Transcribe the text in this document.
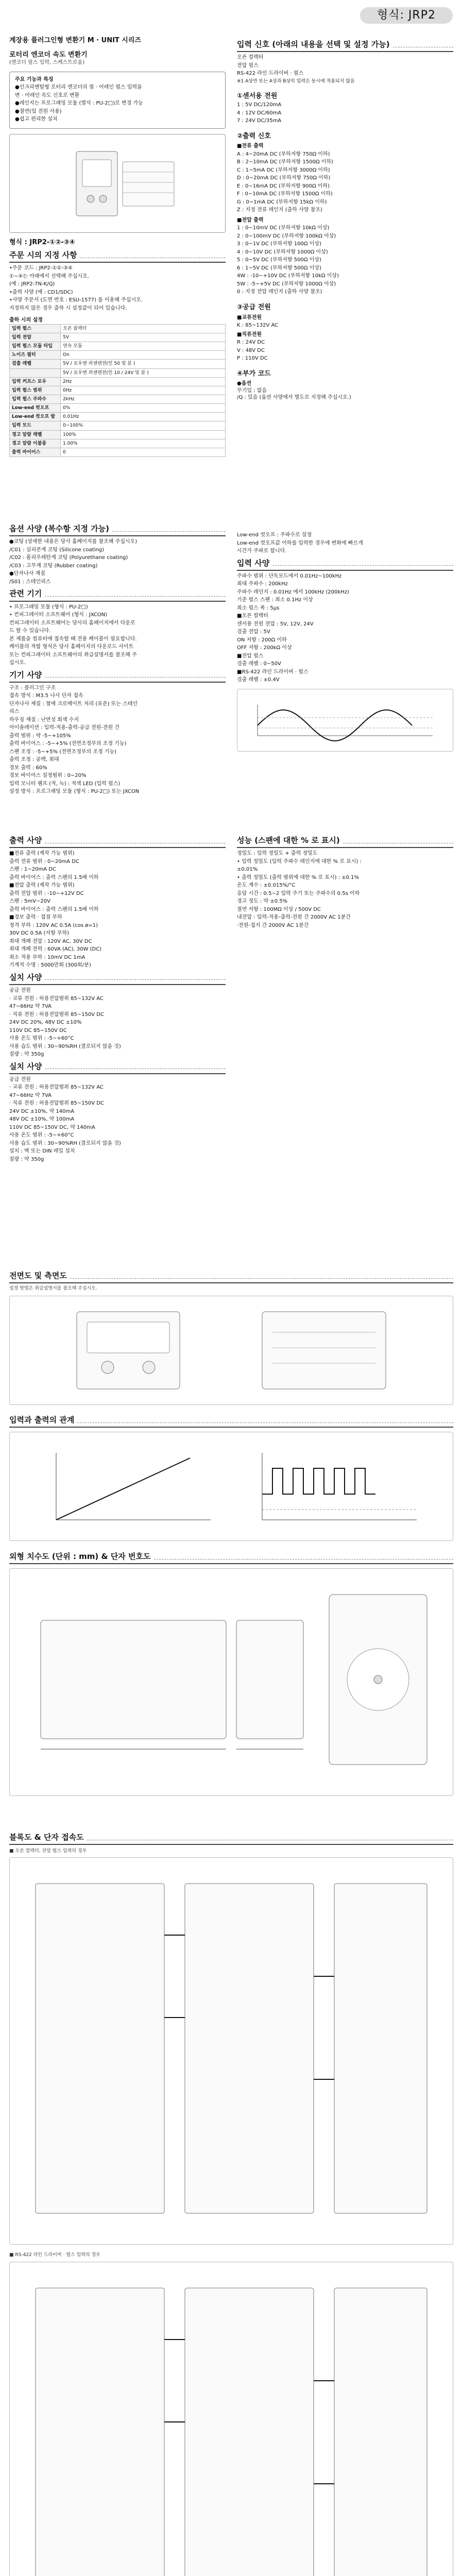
형식: JRP2
계장용 플러그인형 변환기 M · UNIT 시리즈
로터리 엔코더 속도 변환기
(엔코더 펄스 입력, 스케스트로움)
주요 기능과 특징
●인크리멘털형 로터리 엔코더의 펄 · 어레인 펄스 입력을
변 · 어레인 속도 신호로 변환
●레인지는 프로그래밍 모듈 (별식 : PU-2□)로 변경 가능
●절연(입 전원 사용)
●쉽고 편리한 설치
형식 : JRP2-①②-③④
주문 시의 지정 사항
•주문 코드 : JRP2-①②-③④
①~④는 아래에서 선택해 주십시오.
(예 : JRP2-7N-K/Q)
•출력 사양 (예 : CD1/SDC)
•사양 주문서 (도면 번호 : ESU-1577) 를 이용해 주십시오.
지정하지 않은 경우 출하 시 설정값이 되어 있습니다.
출하 시의 설정
입력 펄스	오픈 콜렉터
입력 전압	5V
입력 펄스 모듈 타입	연속 모듈
노이즈 필터	On
검출 레벨	5V / 로우엔 퍼센텐전(인 50 및 분 )
	5V / 로우엔 퍼센텐전(인 10 / 24V 및 분 )
입력 커프스 로우	2Hz
입력 펄스 범위	0Hz
입력 펄스 주파수	2kHz
Low-end 컷오프	0%
Low-end 컷오프 발	0.01Hz
입력 모드	0~100%
경고 알람 레벨	100%
경고 알람 이불릉	1.00%
출력 바이어스	0
입력 신호 (아래의 내용을 선택 및 설정 가능)
오픈 컬렉터
전압 펄스
RS-422 라인 드라이버 · 펄스
※1 A상만 또는 A상과 B상의 입력은 동시에 적용되지 않음
①센서용 전원
1 : 5V DC/120mA
4 : 12V DC/60mA
7 : 24V DC/35mA
②출력 신호
■전류 출력
A : 4~20mA DC (부하저항 750Ω 이하)
B : 2~10mA DC (부하저항 1500Ω 이하)
C : 1~5mA DC (부하저항 3000Ω 이하)
D : 0~20mA DC (부하저항 750Ω 이하)
E : 0~16mA DC (부하저항 900Ω 이하)
F : 0~10mA DC (부하저항 1500Ω 이하)
G : 0~1mA DC (부하저항 15kΩ 이하)
Z : 지정 전류 레인지 (출하 사양 참조)
■전압 출력
1 : 0~10mV DC (부하저항 10kΩ 이상)
2 : 0~100mV DC (부하저항 100kΩ 이상)
3 : 0~1V DC (부하저항 100Ω 이상)
4 : 0~10V DC (부하저항 1000Ω 이상)
5 : 0~5V DC (부하저항 500Ω 이상)
6 : 1~5V DC (부하저항 500Ω 이상)
4W : -10~+10V DC (부하저항 10kΩ 이상)
5W : -5~+5V DC (부하저항 1000Ω 이상)
0 : 지정 전압 레인지 (출하 사양 참조)
③공급 전원
■교류전원
K : 85~132V AC
■직류전원
R : 24V DC
V : 48V DC
P : 110V DC
④부가 코드
●옵션
무기입 : 없음
/Q : 있음 (옵션 사양에서 별도로 지정해 주십시오.)
옵션 사양 (복수항 지정 가능)
●코팅 (상세한 내용은 당사 홈페이지를 참조해 주십시오)
/C01 : 실리콘계 코팅 (Silicone coating)
/C02 : 폴리우레탄계 코팅 (Polyurethane coating)
/C03 : 고무계 코팅 (Rubber coating)
●단자나사 재질
/S01 : 스테인리스
관련 기기
• 프로그래밍 모듈 (형식 : PU-2□)
• 컨피그레이터 소프트웨어 (형식 : JXCON)
컨피그레이터 소프트웨어는 당사의 홈페이지에서 다운로
드 할 수 있습니다.
본 제품을 컴퓨터에 접속할 때 전용 케이블이 필요합니다.
케이블의 적합 형식은 당사 홈페이지의 다운로드 사이트
또는 컨피그레이터 소프트웨어의 취급설명서를 참조해 주
십시오.
기기 사양
구조 : 플러그인 구조
접속 방식 : M3.5 나사 단자 접속
단자나사 재질 : 철에 크로메이트 처리 (표준) 또는 스테인
리스
하우징 재질 : 난연성 회색 수지
아이솔레이션 : 입력-적용-출력-공급 전원-전원 간
출력 범위 : 약 -5~+105%
출력 바이어스 : -5~+5% (전면조정부의 조정 기능)
스팬 조정 : -5~+5% (전면조정부의 조정 기능)
출력 조정 : 공백, 최대
경보 출력 : 60%
경보 바이어스 설정범위 : 0~20%
입력 모니터 램프 (적, 녹) : 적색 LED (입력 펄스)
설정 방식 : 프로그래밍 모듈 (형식 : PU-2□) 또는 JXCON
Low-end 컷오프 : 주파수로 설정
Low-end 컷오프값 이하를 입력한 경우에 변화에 빠르게
시간가 주파로 합니다.
입력 사양
주파수 범위 : 단독모드에서 0.01Hz~100kHz
최대 주파수 : 200kHz
주파수 레인지 : 0.01Hz 에서 100kHz (200kHz)
기준 펄스 스팬 : 최소 0.1Hz 이상
최소 펄스 폭 : 5μs
■오픈 컬렉터
센서용 전원 전압 : 5V, 12V, 24V
검출 전압 : 5V
ON 저항 : 200Ω 이하
OFF 저항 : 200kΩ 이상
■전압 펄스
검출 레벨 : 0~50V
■RS-422 라인 드라이버 · 펄스
검출 레벨 : ±0.4V
출력 사양
■전류 출력 (제작 가능 범위)
출력 전류 범위 : 0~20mA DC
스팬 : 1~20mA DC
출력 바이어스 : 출력 스팬의 1.5배 이하
■전압 출력 (제작 가능 범위)
출력 전압 범위 : -10~+12V DC
스팬 : 5mV~20V
출력 바이어스 : 출력 스팬의 1.5배 이하
■경보 출력 · 접점 부하
정격 부하 : 120V AC 0.5A (cos ø=1)
30V DC 0.5A (저항 부하)
최대 개폐 전압 : 120V AC, 30V DC
최대 개폐 전력 : 60VA (AC), 30W (DC)
최소 적용 부하 : 10mV DC 1mA
기계적 수명 : 5000만회 (300회/분)
실치 사양
공급 전원
· 교류 전원 : 허용전압범위 85~132V AC
47~66Hz 약 7VA
· 직류 전원 : 허용전압범위 85~150V DC
24V DC 20%, 48V DC ±10%
110V DC 85~150V DC
사용 온도 범위 : -5~+60°C
사용 습도 범위 : 30~90%RH (결로되지 않을 것)
질량 : 약 350g
실치 사양
공급 전원
· 교류 전원 : 허용전압범위 85~132V AC
47~66Hz 약 7VA
· 직류 전원 : 허용전압범위 85~150V DC
24V DC ±10%, 약 140mA
48V DC ±10%, 약 100mA
110V DC 85~150V DC, 약 140mA
사용 온도 범위 : -5~+60°C
사용 습도 범위 : 30~90%RH (결로되지 않을 것)
설치 : 벽 또는 DIN 레일 설치
질량 : 약 350g
성능 (스팬에 대한 % 로 표시)
정밀도 : 입력 정밀도 + 출력 정밀도
• 입력 정밀도 (입력 주파수 레인지에 대한 % 로 표시) :
±0.01%
• 출력 정밀도 (출력 범위에 대한 % 로 표시) : ±0.1%
온도 계수 : ±0.015%/°C
응답 시간 : 0.5~2 입력 주기 또는 주파수의 0.5s 이하
경고 정도 : 약 ±0.5%
절연 저항 : 100MΩ 이상 / 500V DC
내전압 : 입력-적용-출력-전원 간 2000V AC 1분간
·전원-접지 간 2000V AC 1분간
전면도 및 측면도
설정 방법은 취급설명서를 참조해 주십시오.
입력과 출력의 관계
외형 치수도 (단위 : mm) & 단자 번호도
블록도 & 단자 접속도
■ 오픈 컬렉터, 전압 펄스 입력의 경우
■ RS-422 라인 드라이버 · 펄스 입력의 경우
